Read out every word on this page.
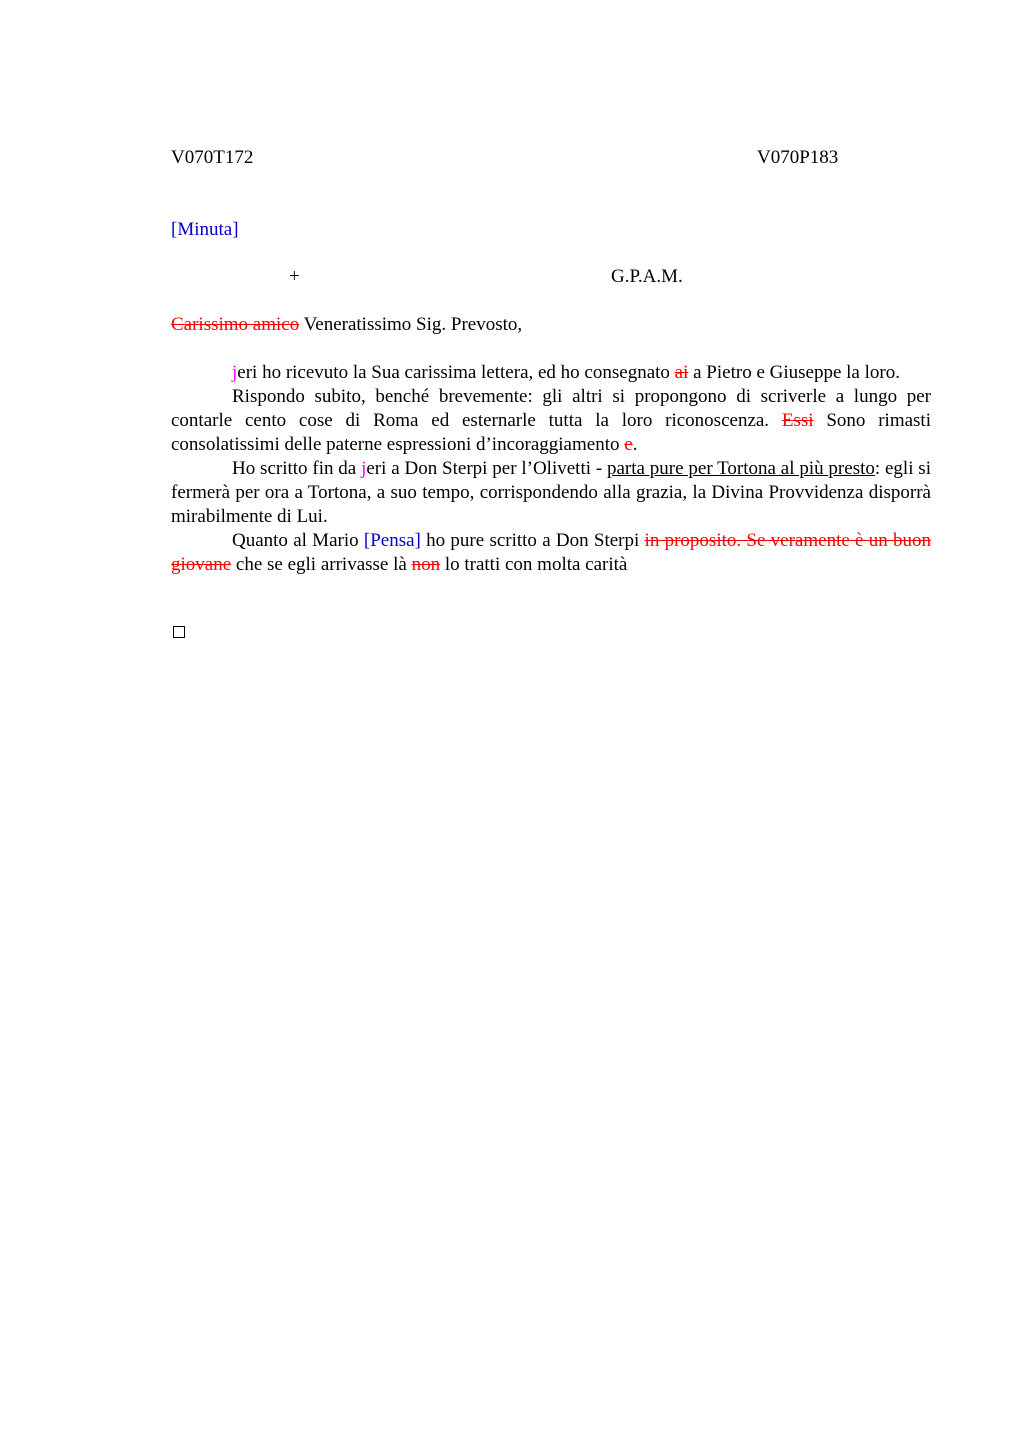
V070T172	V070P183
[Minuta]
+	G.P.A.M.
Carissimo amico Veneratissimo Sig. Prevosto,

jeri ho ricevuto la Sua carissima lettera, ed ho consegnato ai a Pietro e Giuseppe la loro.

Rispondo subito, benché brevemente: gli altri si propongono di scriverle a lungo per contarle cento cose di Roma ed esternarle tutta la loro riconoscenza. Essi Sono rimasti consolatissimi delle paterne espressioni d’incoraggiamento e.

Ho scritto fin da jeri a Don Sterpi per l’Olivetti - parta pure per Tortona al più presto: egli si fermerà per ora a Tortona, a suo tempo, corrispondendo alla grazia, la Divina Provvidenza disporrà mirabilmente di Lui.

Quanto al Mario [Pensa] ho pure scritto a Don Sterpi in proposito. Se veramente è un buon giovane che se egli arrivasse là non lo tratti con molta carità
